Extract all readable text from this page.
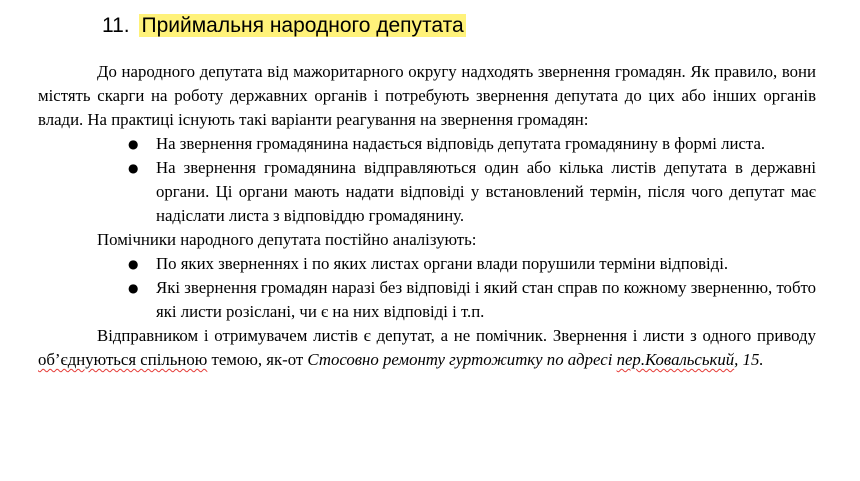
11. Приймальня народного депутата

До народного депутата від мажоритарного округу надходять звернення громадян. Як правило, вони містять скарги на роботу державних органів і потребують звернення депутата до цих або інших органів влади. На практиці існують такі варіанти реагування на звернення громадян:

● На звернення громадянина надається відповідь депутата громадянину в формі листа.
● На звернення громадянина відправляються один або кілька листів депутата в державні органи. Ці органи мають надати відповіді у встановлений термін, після чого депутат має надіслати листа з відповіддю громадянину.

Помічники народного депутата постійно аналізують:

● По яких зверненнях і по яких листах органи влади порушили терміни відповіді.
● Які звернення громадян наразі без відповіді і який стан справ по кожному зверненню, тобто які листи розіслані, чи є на них відповіді і т.п.

Відправником і отримувачем листів є депутат, а не помічник. Звернення і листи з одного приводу об’єднуються спільною темою, як-от Стосовно ремонту гуртожитку по адресі пер.Ковальський, 15.
